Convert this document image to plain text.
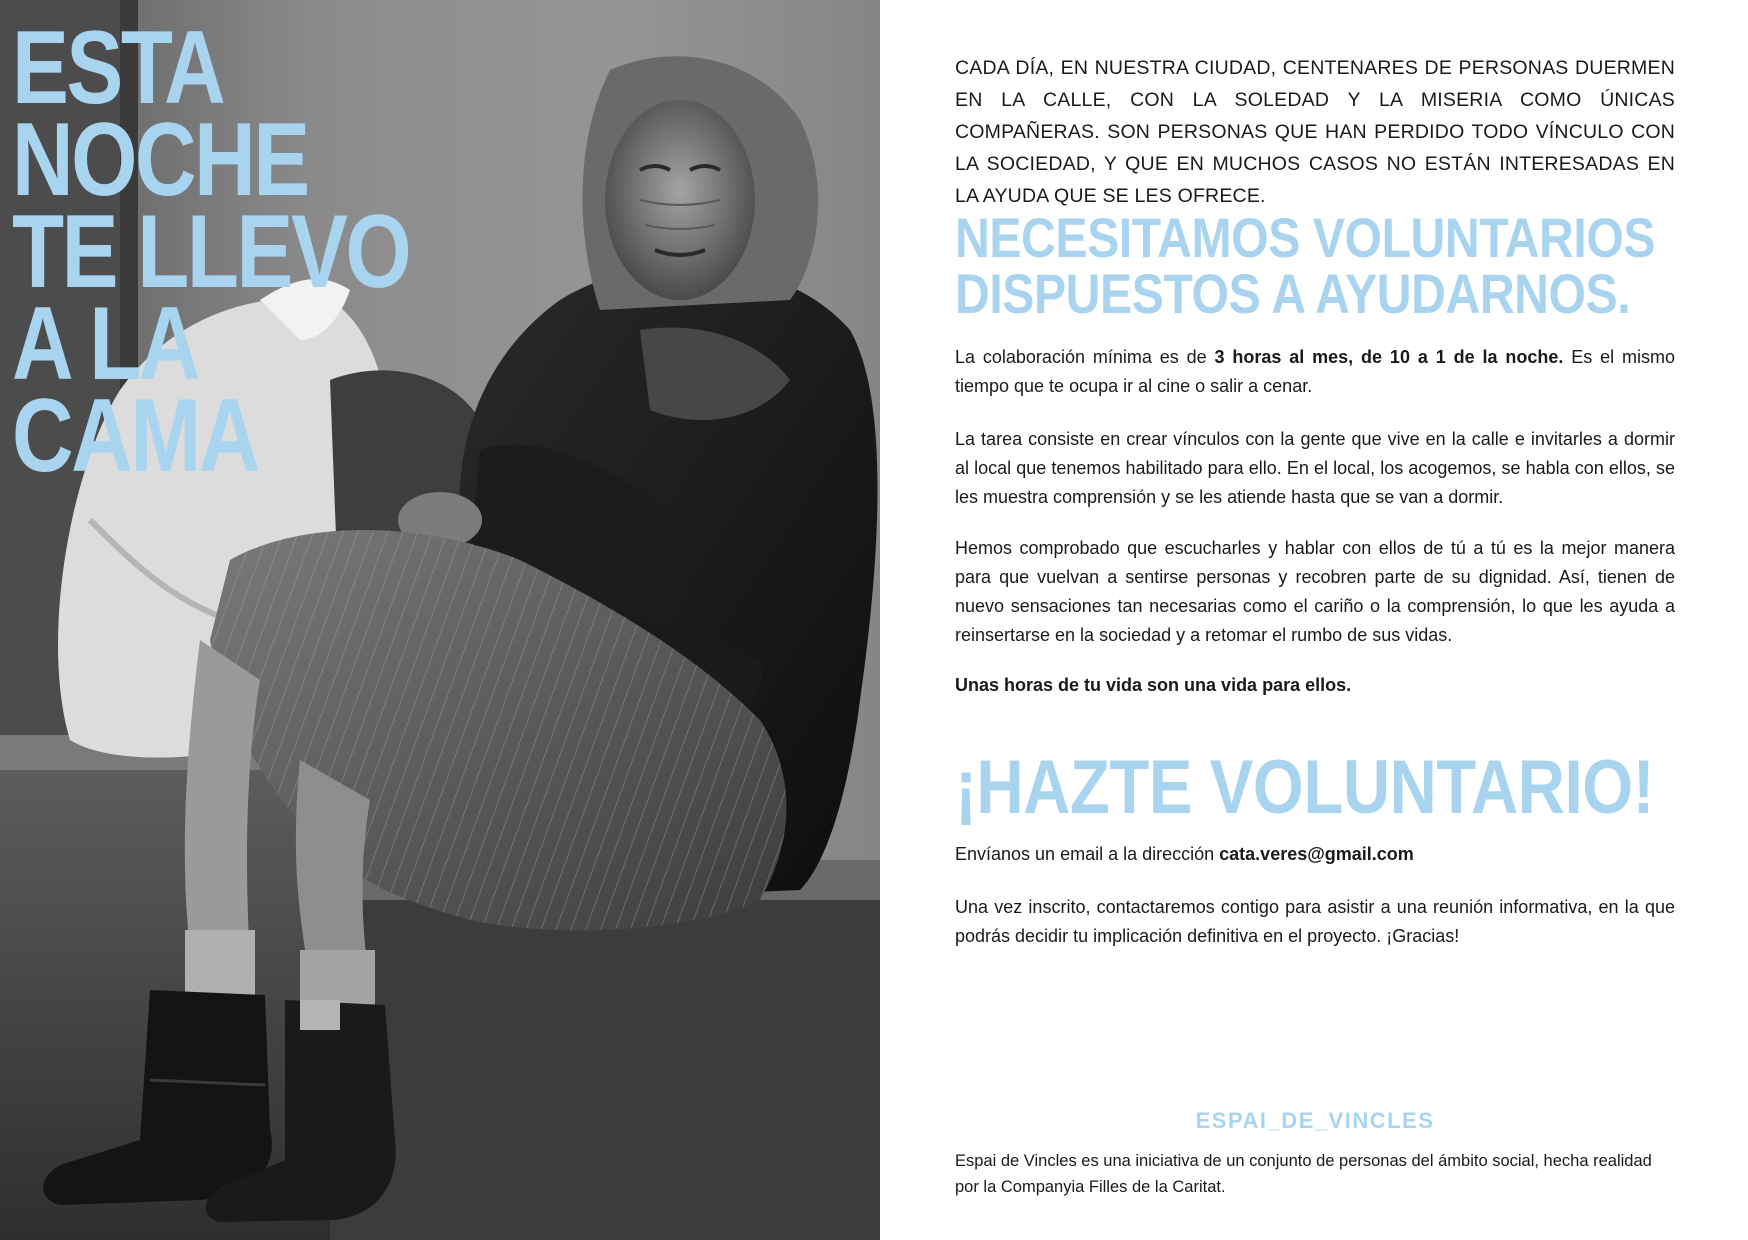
ESTA
NOCHE
TE LLEVO
A LA
CAMA

CADA DÍA, EN NUESTRA CIUDAD, CENTENARES DE PERSONAS DUERMEN EN LA CALLE, CON LA SOLEDAD Y LA MISERIA COMO ÚNICAS COMPAÑERAS. SON PERSONAS QUE HAN PERDIDO TODO VÍNCULO CON LA SOCIEDAD, Y QUE EN MUCHOS CASOS NO ESTÁN INTERESADAS EN LA AYUDA QUE SE LES OFRECE.

NECESITAMOS VOLUNTARIOS
DISPUESTOS A AYUDARNOS.

La colaboración mínima es de 3 horas al mes, de 10 a 1 de la noche. Es el mismo tiempo que te ocupa ir al cine o salir a cenar.

La tarea consiste en crear vínculos con la gente que vive en la calle e invitarles a dormir al local que tenemos habilitado para ello. En el local, los acogemos, se habla con ellos, se les muestra comprensión y se les atiende hasta que se van a dormir.

Hemos comprobado que escucharles y hablar con ellos de tú a tú es la mejor manera para que vuelvan a sentirse personas y recobren parte de su dignidad. Así, tienen de nuevo sensaciones tan necesarias como el cariño o la comprensión, lo que les ayuda a reinsertarse en la sociedad y a retomar el rumbo de sus vidas.

Unas horas de tu vida son una vida para ellos.

¡HAZTE VOLUNTARIO!

Envíanos un email a la dirección cata.veres@gmail.com

Una vez inscrito, contactaremos contigo para asistir a una reunión informativa, en la que podrás decidir tu implicación definitiva en el proyecto. ¡Gracias!

ESPAI_DE_VINCLES

Espai de Vincles es una iniciativa de un conjunto de personas del ámbito social, hecha realidad por la Companyia Filles de la Caritat.
